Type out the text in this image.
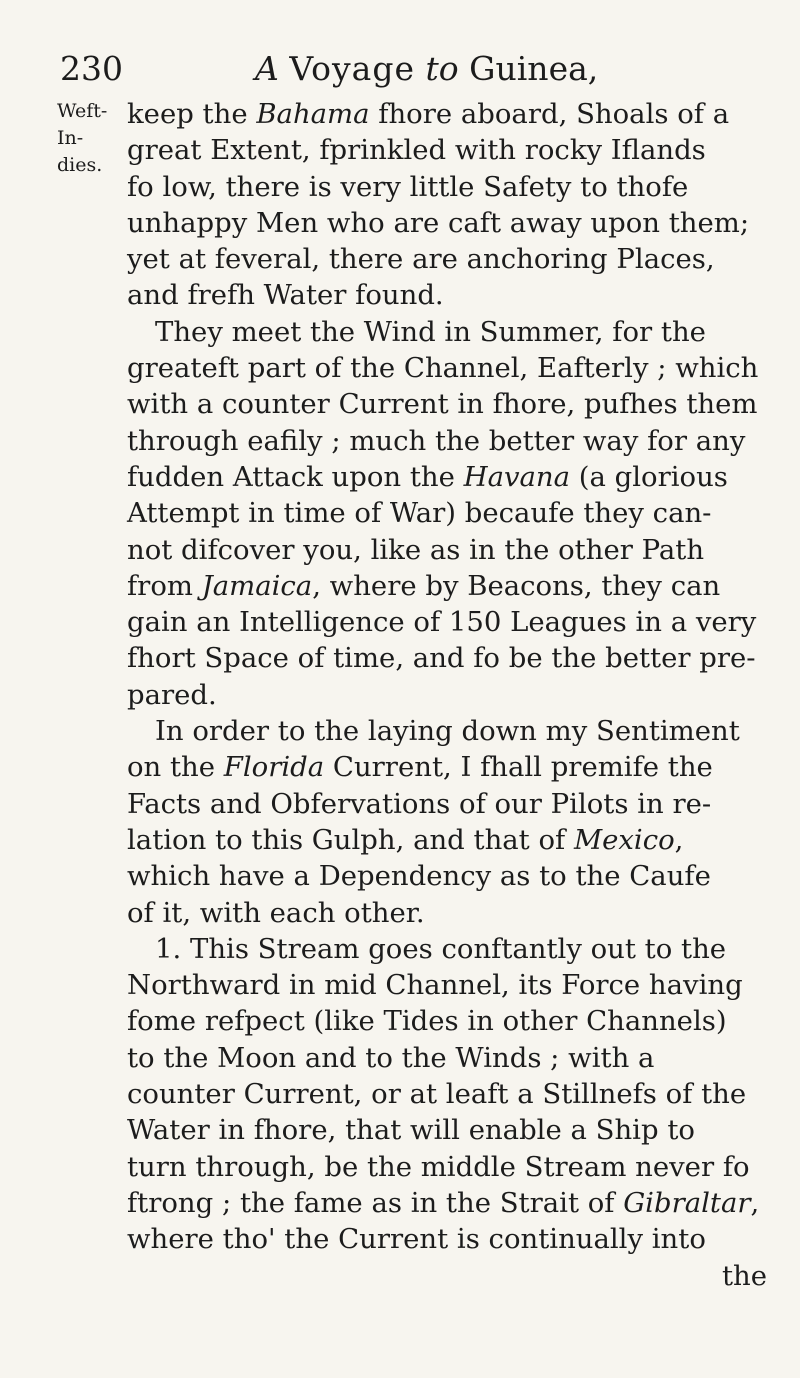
230	A Voyage to Guinea,
Weft-In-
dies.
keep the Bahama fhore aboard, Shoals of a
great Extent, fprinkled with rocky Iflands
fo low, there is very little Safety to thofe
unhappy Men who are caft away upon them;
yet at feveral, there are anchoring Places,
and frefh Water found.
They meet the Wind in Summer, for the
greateft part of the Channel, Eafterly ; which
with a counter Current in fhore, pufhes them
through eafily ; much the better way for any
fudden Attack upon the Havana (a glorious
Attempt in time of War) becaufe they can-
not difcover you, like as in the other Path
from Jamaica, where by Beacons, they can
gain an Intelligence of 150 Leagues in a very
fhort Space of time, and fo be the better pre-
pared.
In order to the laying down my Sentiment
on the Florida Current, I fhall premife the
Facts and Obfervations of our Pilots in re-
lation to this Gulph, and that of Mexico,
which have a Dependency as to the Caufe
of it, with each other.
1. This Stream goes conftantly out to the
Northward in mid Channel, its Force having
fome refpect (like Tides in other Channels)
to the Moon and to the Winds ; with a
counter Current, or at leaft a Stillnefs of the
Water in fhore, that will enable a Ship to
turn through, be the middle Stream never fo
ftrong ; the fame as in the Strait of Gibraltar,
where tho' the Current is continually into
the
